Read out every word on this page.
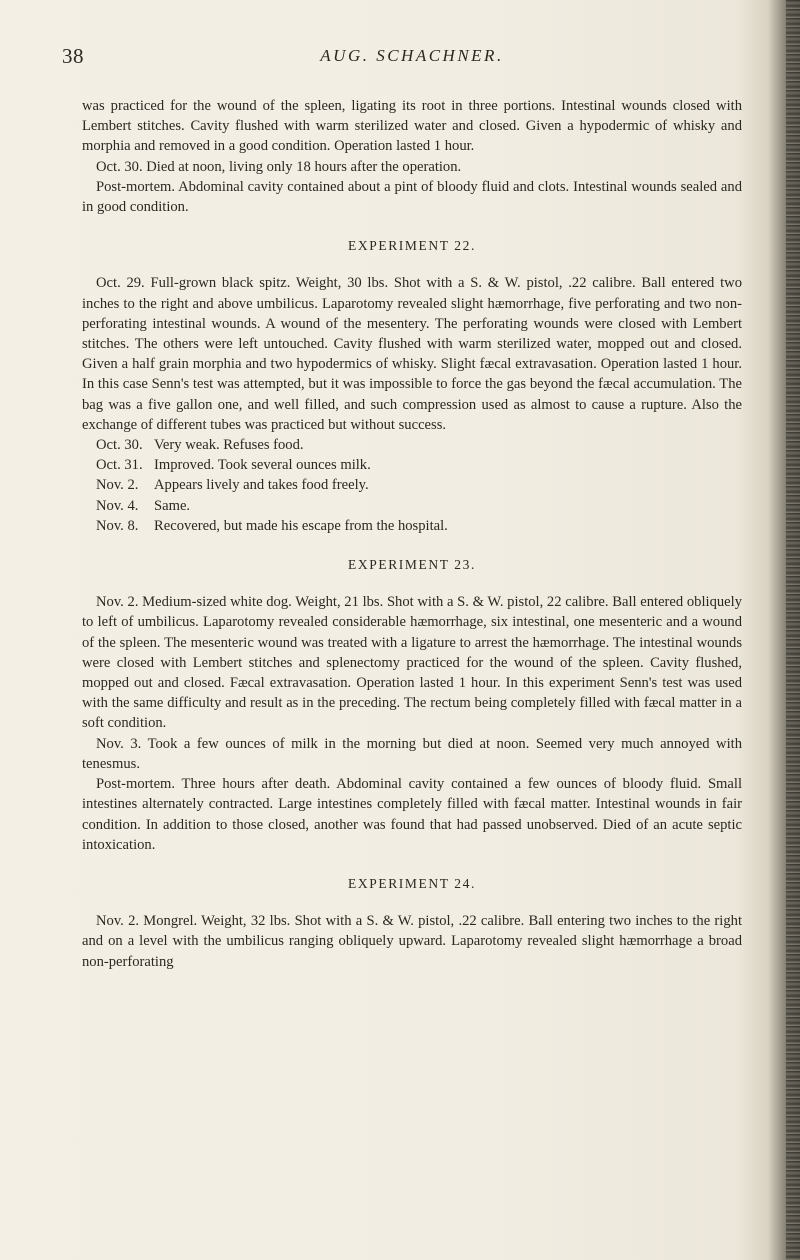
38	AUG. SCHACHNER.

was practiced for the wound of the spleen, ligating its root in three portions. Intestinal wounds closed with Lembert stitches. Cavity flushed with warm sterilized water and closed. Given a hypodermic of whisky and morphia and removed in a good condition. Operation lasted 1 hour.

Oct. 30. Died at noon, living only 18 hours after the operation.

Post-mortem. Abdominal cavity contained about a pint of bloody fluid and clots. Intestinal wounds sealed and in good condition.

EXPERIMENT 22.

Oct. 29. Full-grown black spitz. Weight, 30 lbs. Shot with a S. & W. pistol, .22 calibre. Ball entered two inches to the right and above umbilicus. Laparotomy revealed slight hæmorrhage, five perforating and two non-perforating intestinal wounds. A wound of the mesentery. The perforating wounds were closed with Lembert stitches. The others were left untouched. Cavity flushed with warm sterilized water, mopped out and closed. Given a half grain morphia and two hypodermics of whisky. Slight fæcal extravasation. Operation lasted 1 hour. In this case Senn's test was attempted, but it was impossible to force the gas beyond the fæcal accumulation. The bag was a five gallon one, and well filled, and such compression used as almost to cause a rupture. Also the exchange of different tubes was practiced but without success.

Oct. 30. Very weak. Refuses food.
Oct. 31. Improved. Took several ounces milk.
Nov. 2.	Appears lively and takes food freely.
Nov. 4.	Same.
Nov. 8.	Recovered, but made his escape from the hospital.
EXPERIMENT 23.

Nov. 2. Medium-sized white dog. Weight, 21 lbs. Shot with a S. & W. pistol, 22 calibre. Ball entered obliquely to left of umbilicus. Laparotomy revealed considerable hæmorrhage, six intestinal, one mesenteric and a wound of the spleen. The mesenteric wound was treated with a ligature to arrest the hæmorrhage. The intestinal wounds were closed with Lembert stitches and splenectomy practiced for the wound of the spleen. Cavity flushed, mopped out and closed. Fæcal extravasation. Operation lasted 1 hour. In this experiment Senn's test was used with the same difficulty and result as in the preceding. The rectum being completely filled with fæcal matter in a soft condition.

Nov. 3. Took a few ounces of milk in the morning but died at noon. Seemed very much annoyed with tenesmus.

Post-mortem. Three hours after death. Abdominal cavity contained a few ounces of bloody fluid. Small intestines alternately contracted. Large intestines completely filled with fæcal matter. Intestinal wounds in fair condition. In addition to those closed, another was found that had passed unobserved. Died of an acute septic intoxication.

EXPERIMENT 24.

Nov. 2. Mongrel. Weight, 32 lbs. Shot with a S. & W. pistol, .22 calibre. Ball entering two inches to the right and on a level with the umbilicus ranging obliquely upward. Laparotomy revealed slight hæmorrhage a broad non-perforating
